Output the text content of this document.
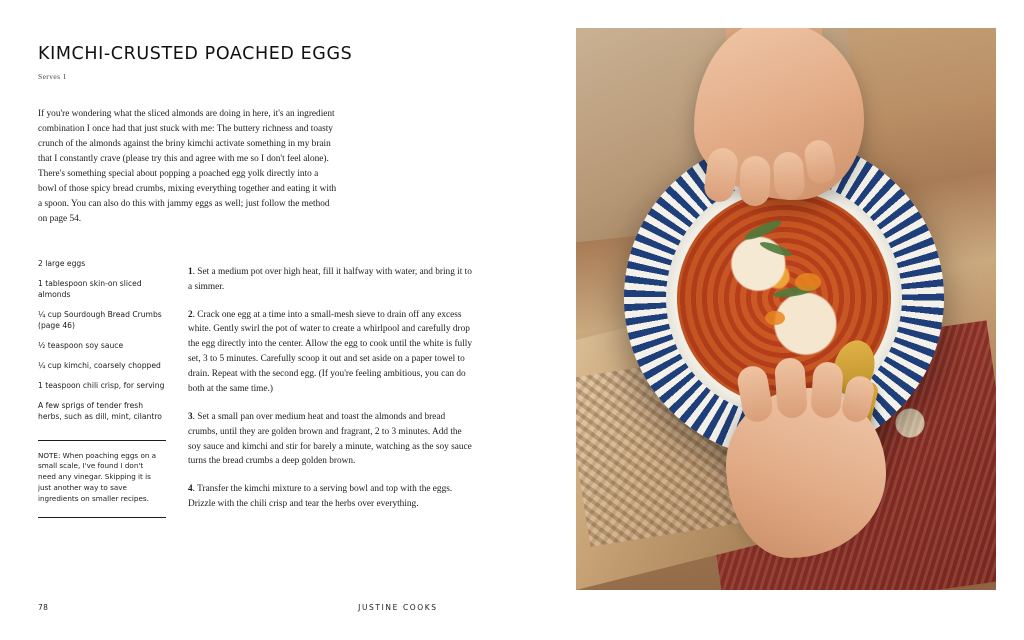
KIMCHI-CRUSTED POACHED EGGS
Serves 1

If you're wondering what the sliced almonds are doing in here, it's an ingredient combination I once had that just stuck with me: The buttery richness and toasty crunch of the almonds against the briny kimchi activate something in my brain that I constantly crave (please try this and agree with me so I don't feel alone). There's something special about popping a poached egg yolk directly into a bowl of those spicy bread crumbs, mixing everything together and eating it with a spoon. You can also do this with jammy eggs as well; just follow the method on page 54.

2 large eggs
1 tablespoon skin-on sliced almonds
¼ cup Sourdough Bread Crumbs (page 46)
½ teaspoon soy sauce
¼ cup kimchi, coarsely chopped
1 teaspoon chili crisp, for serving
A few sprigs of tender fresh herbs, such as dill, mint, cilantro
NOTE: When poaching eggs on a small scale, I've found I don't need any vinegar. Skipping it is just another way to save ingredients on smaller recipes.

1. Set a medium pot over high heat, fill it halfway with water, and bring it to a simmer.

2. Crack one egg at a time into a small-mesh sieve to drain off any excess white. Gently swirl the pot of water to create a whirlpool and carefully drop the egg directly into the center. Allow the egg to cook until the white is fully set, 3 to 5 minutes. Carefully scoop it out and set aside on a paper towel to drain. Repeat with the second egg. (If you're feeling ambitious, you can do both at the same time.)

3. Set a small pan over medium heat and toast the almonds and bread crumbs, until they are golden brown and fragrant, 2 to 3 minutes. Add the soy sauce and kimchi and stir for barely a minute, watching as the soy sauce turns the bread crumbs a deep golden brown.

4. Transfer the kimchi mixture to a serving bowl and top with the eggs. Drizzle with the chili crisp and tear the herbs over everything.

78	JUSTINE COOKS
